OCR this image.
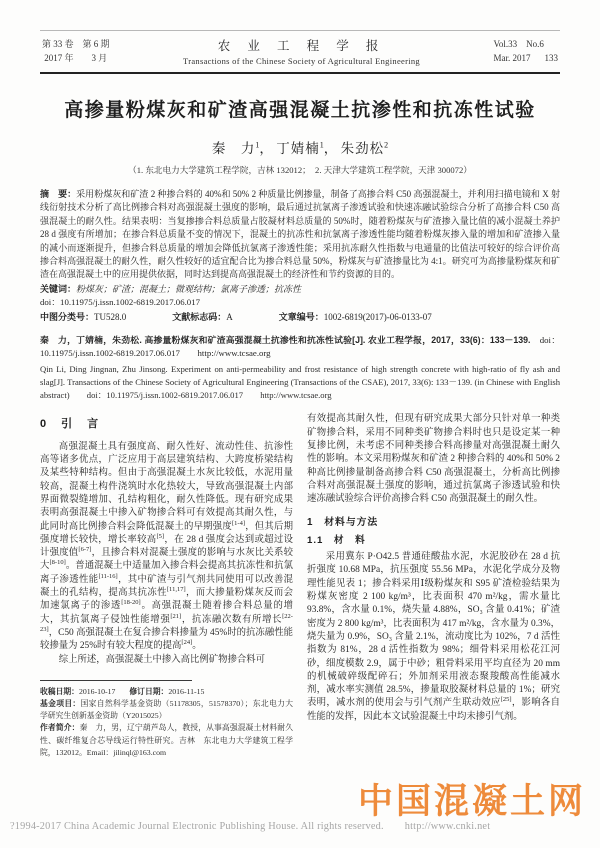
第 33 卷　第 6 期
2017 年　　3 月
农 业 工 程 学 报
Transactions of the Chinese Society of Agricultural Engineering
Vol.33　No.6
Mar. 2017 133
高掺量粉煤灰和矿渣高强混凝土抗渗性和抗冻性试验
秦　力$^1$， 丁婧楠$^1$， 朱劲松$^2$
（1. 东北电力大学建筑工程学院，吉林 132012；　2. 天津大学建筑工程学院，天津 300072）

摘　要：采用粉煤灰和矿渣 2 种掺合料的 40%和 50% 2 种质量比例掺量，制备了高掺合料 C50 高强混凝土，并利用扫描电镜和 X 射线衍射技术分析了高比例掺合料对高强混凝土强度的影响，最后通过抗氯离子渗透试验和快速冻融试验综合分析了高掺合料 C50 高强混凝土的耐久性。结果表明：当复掺掺合料总质量占胶凝材料总质量的 50%时，随着粉煤灰与矿渣掺入量比值的减小混凝土养护 28 d 强度有所增加；在掺合料总质量不变的情况下，混凝土的抗冻性和抗氯离子渗透性能均随着粉煤灰掺入量的增加和矿渣掺入量的减小而逐渐提升，但掺合料总质量的增加会降低抗氯离子渗透性能；采用抗冻耐久性指数与电通量的比值法可较好的综合评价高掺合料高强混凝土的耐久性，耐久性较好的适宜配合比为掺合料总量 50%，粉煤灰与矿渣掺量比为 4:1。研究可为高掺量粉煤灰和矿渣在高强混凝土中的应用提供依据，同时达到提高高强混凝土的经济性和节约资源的目的。

关键词：粉煤灰；矿渣；混凝土；微观结构；氯离子渗透；抗冻性

doi：10.11975/j.issn.1002-6819.2017.06.017

中图分类号：TU528.0	文献标志码：A	文章编号：1002-6819(2017)-06-0133-07

秦　力，丁婧楠，朱劲松. 高掺量粉煤灰和矿渣高强混凝土抗渗性和抗冻性试验[J]. 农业工程学报，2017，33(6)：133－139.　doi：10.11975/j.issn.1002-6819.2017.06.017　　http://www.tcsae.org

Qin Li, Ding Jingnan, Zhu Jinsong. Experiment on anti-permeability and frost resistance of high strength concrete with high-ratio of fly ash and slag[J]. Transactions of the Chinese Society of Agricultural Engineering (Transactions of the CSAE), 2017, 33(6): 133－139. (in Chinese with English abstract)　　doi：10.11975/j.issn.1002-6819.2017.06.017　　http://www.tcsae.org

0　引　言

高强混凝土具有强度高、耐久性好、流动性佳、抗渗性高等诸多优点，广泛应用于高层建筑结构、大跨度桥梁结构及某些特种结构。但由于高强混凝土水灰比较低，水泥用量较高，混凝土构件浇筑时水化热较大，导致高强混凝土内部界面微裂缝增加、孔结构粗化，耐久性降低。现有研究成果表明高强混凝土中掺入矿物掺合料可有效提高其耐久性，与此同时高比例掺合料会降低混凝土的早期强度[1-4]，但其后期强度增长较快，增长率较高[5]，在 28 d 强度会达到或超过设计强度值[6-7]，且掺合料对混凝土强度的影响与水灰比关系较大[8-10]。普通混凝土中适量加入掺合料会提高其抗冻性和抗氯离子渗透性能[11-16]，其中矿渣与引气剂共同使用可以改善混凝土的孔结构，提高其抗冻性[11,17]，而大掺量粉煤灰反而会加速氯离子的渗透[18-20]。高强混凝土随着掺合料总量的增大，其抗氯离子侵蚀性能增强[21]，抗冻融次数有所增长[22-23]，C50 高强混凝土在复合掺合料掺量为 45%时的抗冻融性能较掺量为 25%时有较大程度的提高[24]。

综上所述，高强混凝土中掺入高比例矿物掺合料可

收稿日期：2016-10-17 修订日期：2016-11-15

基金项目：国家自然科学基金资助（51178305，51578370）；东北电力大学研究生创新基金资助（Y2015025）

作者简介：秦　力，男，辽宁葫芦岛人，教授，从事高强混凝土材料耐久性、碳纤维复合芯导线运行特性研究。吉林　东北电力大学建筑工程学院，132012。Email：jilinql@163.com

有效提高其耐久性，但现有研究成果大部分只针对单一种类矿物掺合料，采用不同种类矿物掺合料时也只是设定某一种复掺比例，未考虑不同种类掺合料高掺量对高强混凝土耐久性的影响。本文采用粉煤灰和矿渣 2 种掺合料的 40%和 50% 2 种高比例掺量制备高掺合料 C50 高强混凝土，分析高比例掺合料对高强混凝土强度的影响，通过抗氯离子渗透试验和快速冻融试验综合评价高掺合料 C50 高强混凝土的耐久性。

1　材料与方法
1.1　材　料

采用冀东 P·O42.5 普通硅酸盐水泥，水泥胶砂在 28 d 抗折强度 10.68 MPa，抗压强度 55.56 MPa，水泥化学成分及物理性能见表 1；掺合料采用Ⅰ级粉煤灰和 S95 矿渣检验结果为粉煤灰密度 2 100 kg/m³，比表面积 470 m²/kg，需水量比 93.8%，含水量 0.1%，烧失量 4.88%，SO₃ 含量 0.41%；矿渣密度为 2 800 kg/m³，比表面积为 417 m²/kg，含水量为 0.3%，烧失量为 0.9%，SO₃ 含量 2.1%，流动度比为 102%，7 d 活性指数为 81%，28 d 活性指数为 98%；细骨料采用松花江河砂，细度模数 2.9，属于中砂；粗骨料采用平均直径为 20 mm 的机械破碎级配碎石；外加剂采用液态聚羧酸高性能减水剂，减水率实测值 28.5%，掺量取胶凝材料总量的 1%；研究表明，减水剂的使用会与引气剂产生联动效应[25]，影响各自性能的发挥，因此本文试验混凝土中均未掺引气剂。

中国混凝土网
?1994-2017 China Academic Journal Electronic Publishing House. All rights reserved.　　http://www.cnki.net
